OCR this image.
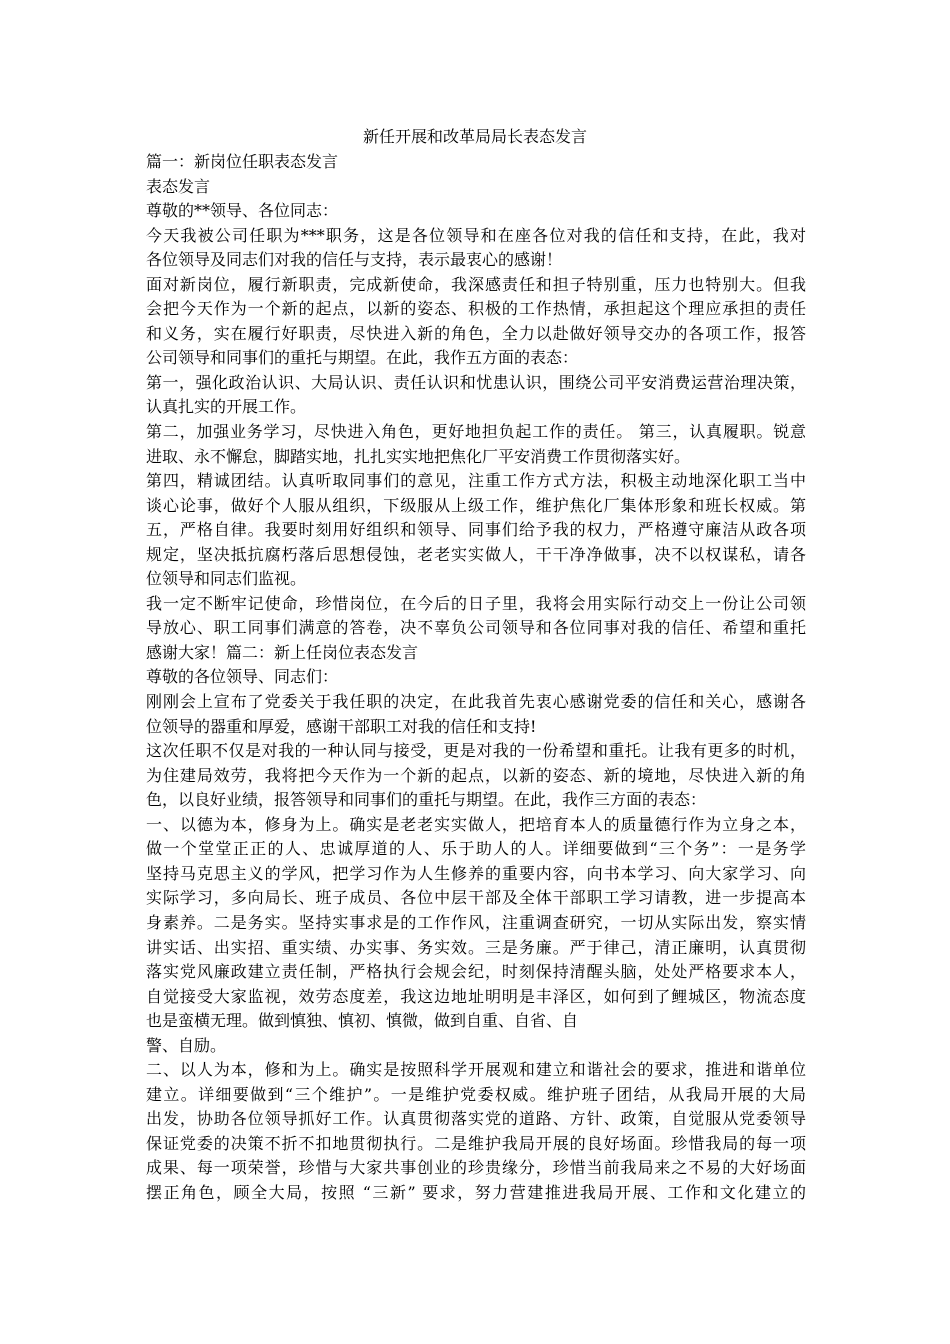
新任开展和改革局局长表态发言
篇一：新岗位任职表态发言
表态发言
尊敬的**领导、各位同志：
今天我被公司任职为***职务，这是各位领导和在座各位对我的信任和支持，在此，我对
各位领导及同志们对我的信任与支持，表示最衷心的感谢！
面对新岗位，履行新职责，完成新使命，我深感责任和担子特别重，压力也特别大。但我
会把今天作为一个新的起点，以新的姿态、积极的工作热情，承担起这个理应承担的责任
和义务，实在履行好职责，尽快进入新的角色，全力以赴做好领导交办的各项工作，报答
公司领导和同事们的重托与期望。在此，我作五方面的表态：
第一，强化政治认识、大局认识、责任认识和忧患认识，围绕公司平安消费运营治理决策，
认真扎实的开展工作。
第二，加强业务学习，尽快进入角色，更好地担负起工作的责任。 第三，认真履职。锐意
进取、永不懈怠，脚踏实地，扎扎实实地把焦化厂平安消费工作贯彻落实好。
第四，精诚团结。认真听取同事们的意见，注重工作方式方法，积极主动地深化职工当中
谈心论事，做好个人服从组织，下级服从上级工作，维护焦化厂集体形象和班长权威。第
五，严格自律。我要时刻用好组织和领导、同事们给予我的权力，严格遵守廉洁从政各项
规定，坚决抵抗腐朽落后思想侵蚀，老老实实做人，干干净净做事，决不以权谋私，请各
位领导和同志们监视。
我一定不断牢记使命，珍惜岗位，在今后的日子里，我将会用实际行动交上一份让公司领
导放心、职工同事们满意的答卷，决不辜负公司领导和各位同事对我的信任、希望和重托
感谢大家！篇二：新上任岗位表态发言
尊敬的各位领导、同志们：
刚刚会上宣布了党委关于我任职的决定，在此我首先衷心感谢党委的信任和关心，感谢各
位领导的器重和厚爱，感谢干部职工对我的信任和支持!
这次任职不仅是对我的一种认同与接受，更是对我的一份希望和重托。让我有更多的时机，
为住建局效劳，我将把今天作为一个新的起点，以新的姿态、新的境地，尽快进入新的角
色，以良好业绩，报答领导和同事们的重托与期望。在此，我作三方面的表态：
一、以德为本，修身为上。确实是老老实实做人，把培育本人的质量德行作为立身之本，
做一个堂堂正正的人、忠诚厚道的人、乐于助人的人。详细要做到“三个务”：一是务学
坚持马克思主义的学风，把学习作为人生修养的重要内容，向书本学习、向大家学习、向
实际学习，多向局长、班子成员、各位中层干部及全体干部职工学习请教，进一步提高本
身素养。二是务实。坚持实事求是的工作作风，注重调查研究，一切从实际出发，察实情
讲实话、出实招、重实绩、办实事、务实效。三是务廉。严于律己，清正廉明，认真贯彻
落实党风廉政建立责任制，严格执行会规会纪，时刻保持清醒头脑，处处严格要求本人，
自觉接受大家监视，效劳态度差，我这边地址明明是丰泽区，如何到了鲤城区，物流态度
也是蛮横无理。做到慎独、慎初、慎微，做到自重、自省、自
警、自励。
二、以人为本，修和为上。确实是按照科学开展观和建立和谐社会的要求，推进和谐单位
建立。详细要做到“三个维护”。一是维护党委权威。维护班子团结，从我局开展的大局
出发，协助各位领导抓好工作。认真贯彻落实党的道路、方针、政策，自觉服从党委领导
保证党委的决策不折不扣地贯彻执行。二是维护我局开展的良好场面。珍惜我局的每一项
成果、每一项荣誉，珍惜与大家共事创业的珍贵缘分，珍惜当前我局来之不易的大好场面
摆正角色，顾全大局，按照 “三新” 要求，努力营建推进我局开展、工作和文化建立的
